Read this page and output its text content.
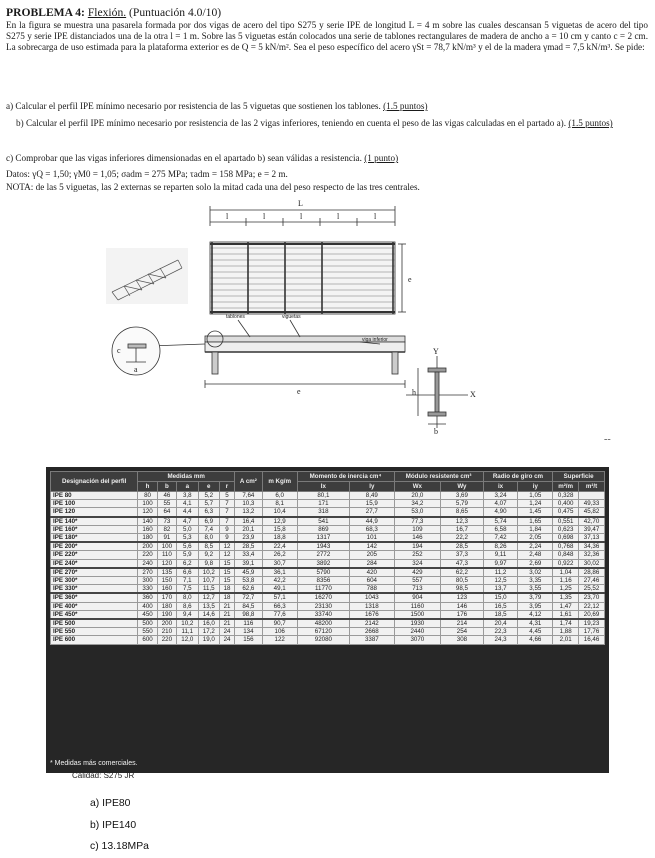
PROBLEMA 4: Flexión. (Puntuación 4.0/10)
En la figura se muestra una pasarela formada por dos vigas de acero del tipo S275 y serie IPE de longitud L = 4 m sobre las cuales descansan 5 viguetas de acero del tipo S275 y serie IPE distanciados una de la otra l = 1 m. Sobre las 5 viguetas están colocados una serie de tablones rectangulares de madera de ancho a = 10 cm y canto c = 2 cm. La sobrecarga de uso estimada para la plataforma exterior es de Q = 5 kN/m². Sea el peso específico del acero γSt = 78,7 kN/m³ y el de la madera γmad = 7,5 kN/m³. Se pide:
a) Calcular el perfil IPE mínimo necesario por resistencia de las 5 viguetas que sostienen los tablones. (1.5 puntos)
b) Calcular el perfil IPE mínimo necesario por resistencia de las 2 vigas inferiores, teniendo en cuenta el peso de las vigas calculadas en el partado a). (1.5 puntos)
c) Comprobar que las vigas inferiores dimensionadas en el apartado b) sean válidas a resistencia. (1 punto)
Datos: γQ = 1,50; γM0 = 1,05; σadm = 275 MPa; τadm = 158 MPa; e = 2 m.
NOTA: de las 5 viguetas, las 2 externas se reparten solo la mitad cada una del peso respecto de las tres centrales.
L
l	l	l	l	l
e
e
c
a
Y
X
h
b
tablones	viguetas
viga inferior
--
Designación del perfil	Medidas mm					A cm²	m Kg/m	Momento de inercia cm⁴		Módulo resistente cm³		Radio de giro cm		Superficie	
	h	b	a	e	r			Ix	Iy	Wx	Wy	ix	iy	m²/m	m²/t
IPE 80	80	46	3,8	5,2	5	7,64	6,0	80,1	8,49	20,0	3,69	3,24	1,05	0,328	
IPE 100	100	55	4,1	5,7	7	10,3	8,1	171	15,9	34,2	5,79	4,07	1,24	0,400	49,33
IPE 120	120	64	4,4	6,3	7	13,2	10,4	318	27,7	53,0	8,65	4,90	1,45	0,475	45,82
IPE 140*	140	73	4,7	6,9	7	16,4	12,9	541	44,9	77,3	12,3	5,74	1,65	0,551	42,70
IPE 160*	160	82	5,0	7,4	9	20,1	15,8	869	68,3	109	16,7	6,58	1,84	0,623	39,47
IPE 180*	180	91	5,3	8,0	9	23,9	18,8	1317	101	146	22,2	7,42	2,05	0,698	37,13
IPE 200*	200	100	5,6	8,5	12	28,5	22,4	1943	142	194	28,5	8,26	2,24	0,768	34,36
IPE 220*	220	110	5,9	9,2	12	33,4	26,2	2772	205	252	37,3	9,11	2,48	0,848	32,36
IPE 240*	240	120	6,2	9,8	15	39,1	30,7	3892	284	324	47,3	9,97	2,69	0,922	30,02
IPE 270*	270	135	6,6	10,2	15	45,9	36,1	5790	420	429	62,2	11,2	3,02	1,04	28,86
IPE 300*	300	150	7,1	10,7	15	53,8	42,2	8356	604	557	80,5	12,5	3,35	1,16	27,46
IPE 330*	330	160	7,5	11,5	18	62,6	49,1	11770	788	713	98,5	13,7	3,55	1,25	25,52
IPE 360*	360	170	8,0	12,7	18	72,7	57,1	16270	1043	904	123	15,0	3,79	1,35	23,70
IPE 400*	400	180	8,6	13,5	21	84,5	66,3	23130	1318	1160	146	16,5	3,95	1,47	22,12
IPE 450*	450	190	9,4	14,6	21	98,8	77,6	33740	1676	1500	176	18,5	4,12	1,61	20,69
IPE 500	500	200	10,2	16,0	21	116	90,7	48200	2142	1930	214	20,4	4,31	1,74	19,23
IPE 550	550	210	11,1	17,2	24	134	106	67120	2668	2440	254	22,3	4,45	1,88	17,76
IPE 600	600	220	12,0	19,0	24	156	122	92080	3387	3070	308	24,3	4,66	2,01	16,46
* Medidas más comerciales.
Calidad: S275 JR
a) IPE80
b) IPE140
c) 13.18MPa
